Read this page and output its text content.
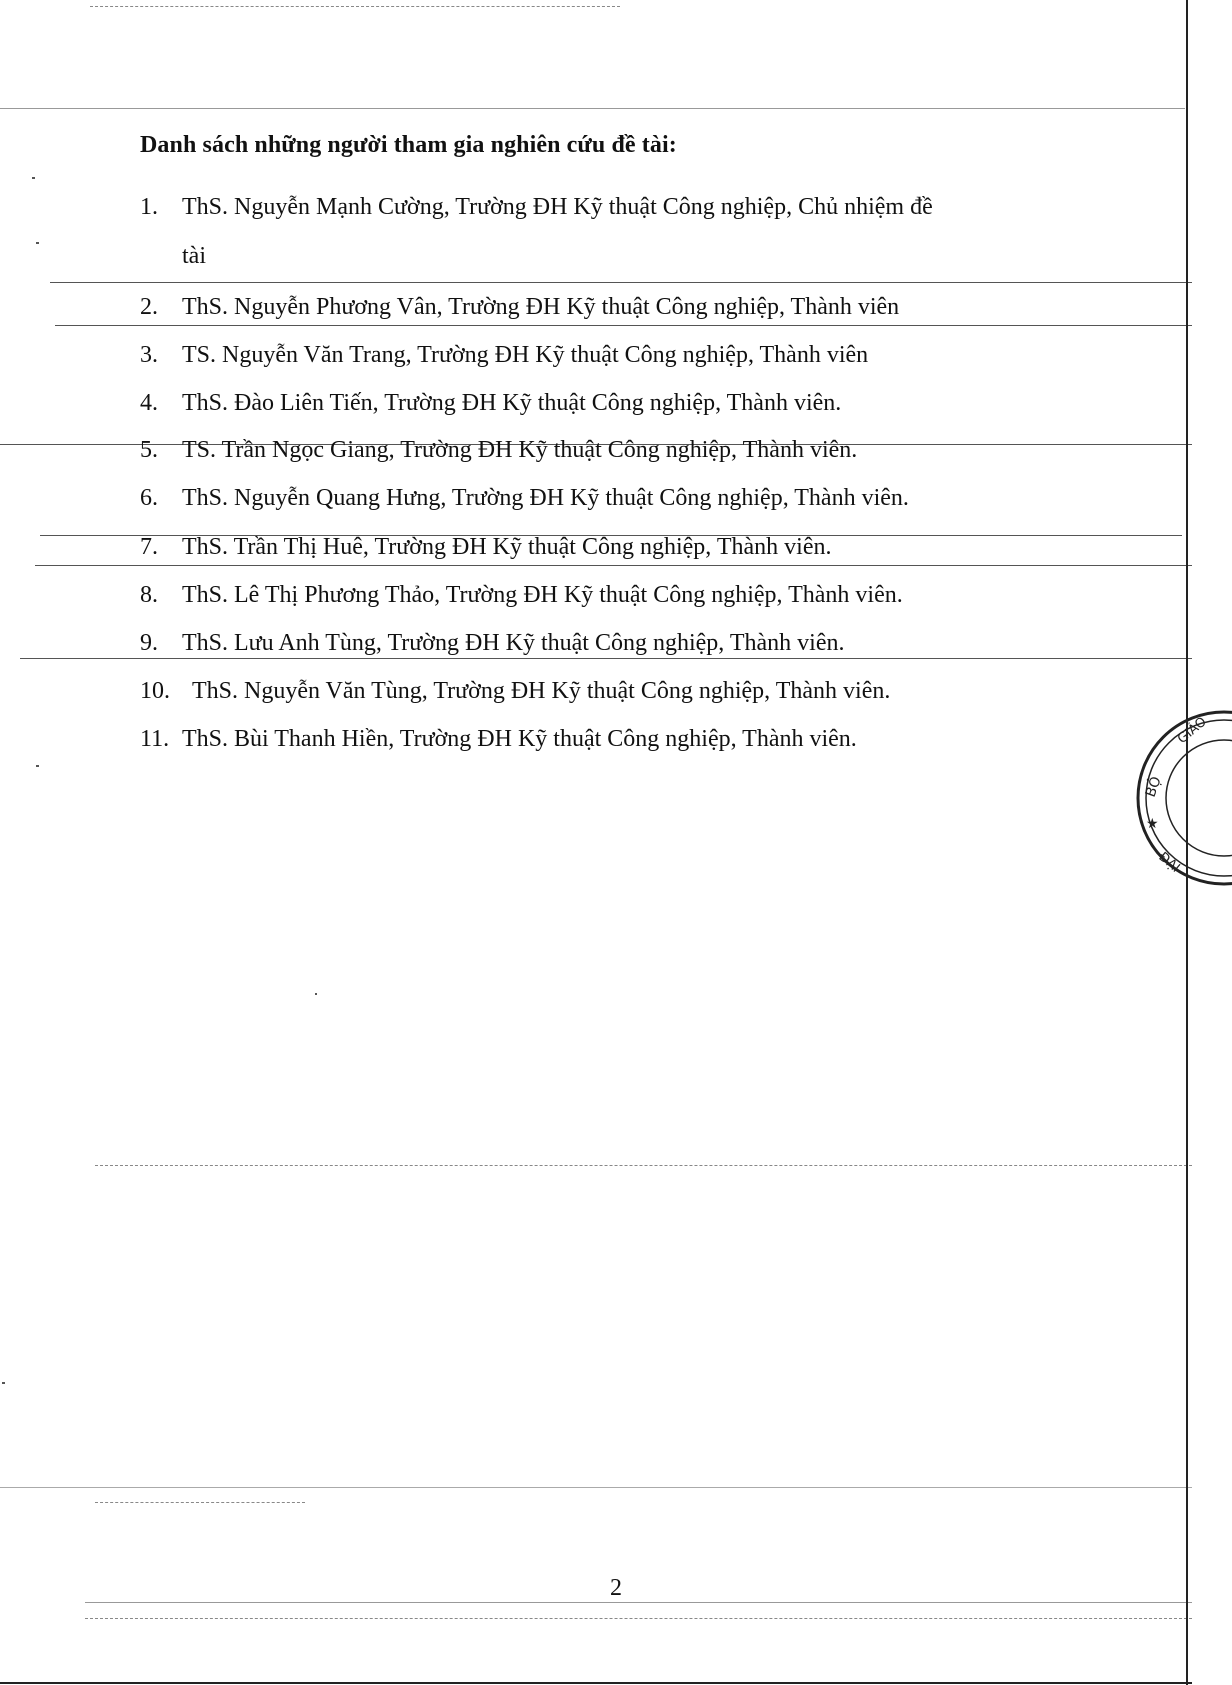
Danh sách những người tham gia nghiên cứu đề tài:
1. ThS. Nguyễn Mạnh Cường, Trường ĐH Kỹ thuật Công nghiệp, Chủ nhiệm đề
tài
2. ThS. Nguyễn Phương Vân, Trường ĐH Kỹ thuật Công nghiệp, Thành viên
3. TS. Nguyễn Văn Trang, Trường ĐH Kỹ thuật Công nghiệp, Thành viên
4. ThS. Đào Liên Tiến, Trường ĐH Kỹ thuật Công nghiệp, Thành viên.
5. TS. Trần Ngọc Giang, Trường ĐH Kỹ thuật Công nghiệp, Thành viên.
6. ThS. Nguyễn Quang Hưng, Trường ĐH Kỹ thuật Công nghiệp, Thành viên.
7. ThS. Trần Thị Huê, Trường ĐH Kỹ thuật Công nghiệp, Thành viên.
8. ThS. Lê Thị Phương Thảo, Trường ĐH Kỹ thuật Công nghiệp, Thành viên.
9. ThS. Lưu Anh Tùng, Trường ĐH Kỹ thuật Công nghiệp, Thành viên.
10. ThS. Nguyễn Văn Tùng, Trường ĐH Kỹ thuật Công nghiệp, Thành viên.
11. ThS. Bùi Thanh Hiền, Trường ĐH Kỹ thuật Công nghiệp, Thành viên.
BỘ
GIÁO
★
ĐẠI
2
